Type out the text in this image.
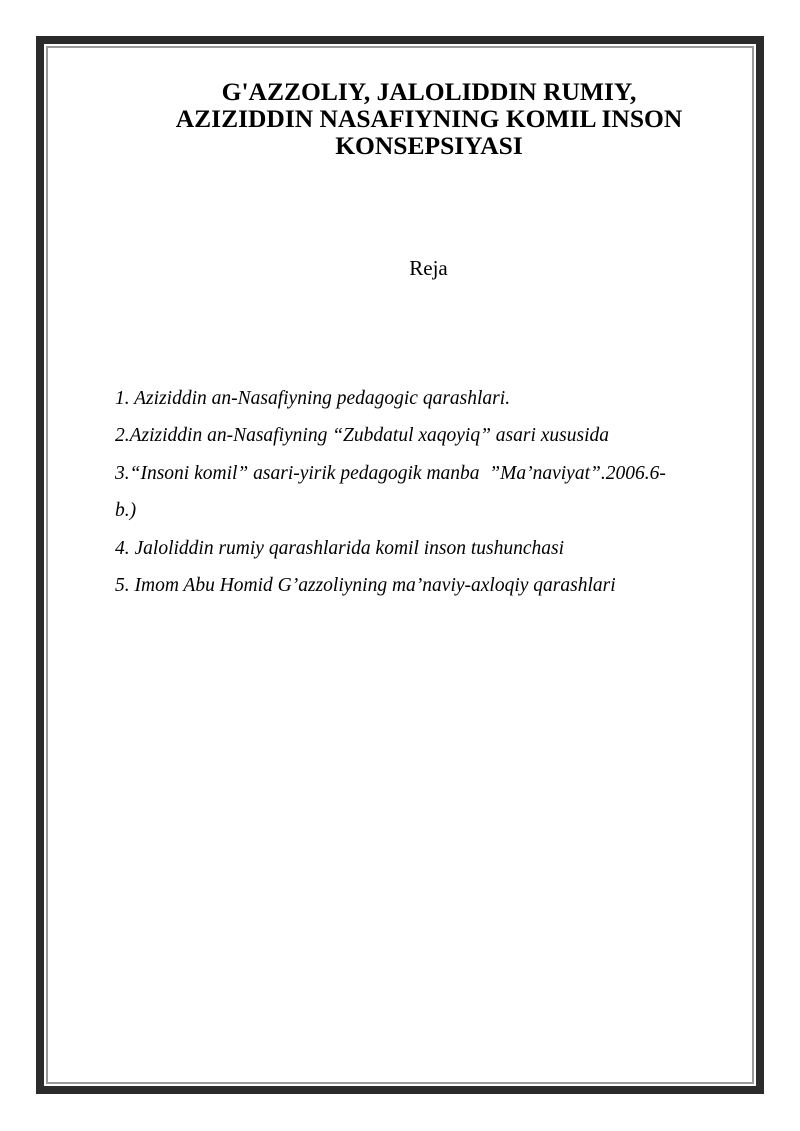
G'AZZOLIY, JALOLIDDIN RUMIY,
AZIZIDDIN NASAFIYNING KOMIL INSON
KONSEPSIYASI
Reja
1. Aziziddin an-Nasafiyning pedagogic qarashlari.
2.Aziziddin an-Nasafiyning “Zubdatul xaqoyiq” asari xususida
3.“Insoni komil” asari-yirik pedagogik manba  ”Ma’naviyat”.2006.6-
b.)
4. Jaloliddin rumiy qarashlarida komil inson tushunchasi
5. Imom Abu Homid G’azzoliyning ma’naviy-axloqiy qarashlari
